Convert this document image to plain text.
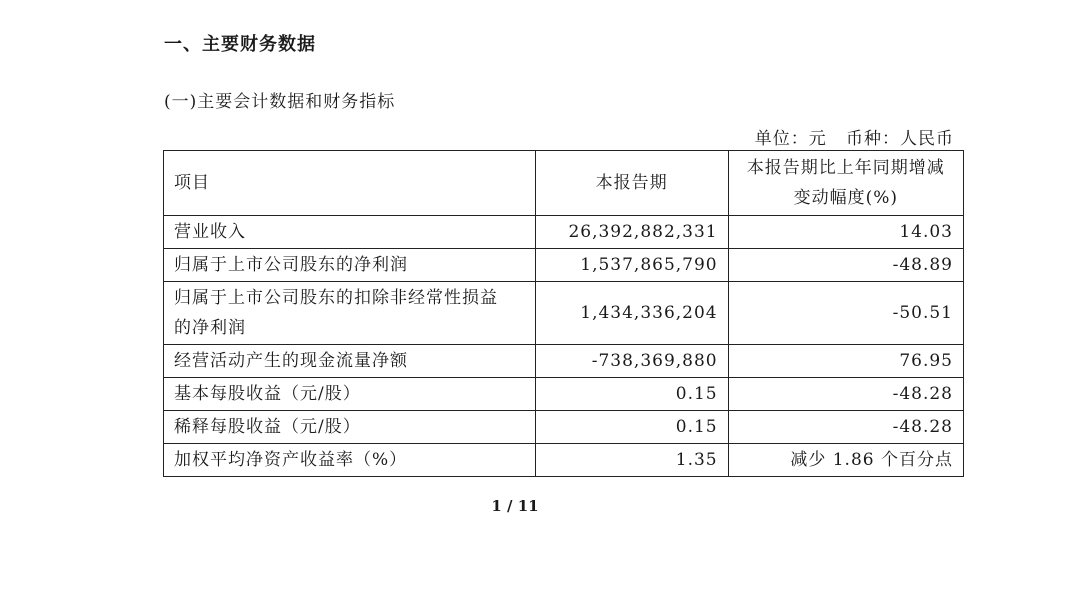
一、主要财务数据
(一)主要会计数据和财务指标
单位：元   币种：人民币
项目	本报告期	本报告期比上年同期增减
变动幅度(%)
营业收入	26,392,882,331	14.03
归属于上市公司股东的净利润	1,537,865,790	-48.89
归属于上市公司股东的扣除非经常性损益
的净利润	1,434,336,204	-50.51
经营活动产生的现金流量净额	-738,369,880	76.95
基本每股收益（元/股）	0.15	-48.28
稀释每股收益（元/股）	0.15	-48.28
加权平均净资产收益率（%）	1.35	减少 1.86 个百分点
1 / 11
